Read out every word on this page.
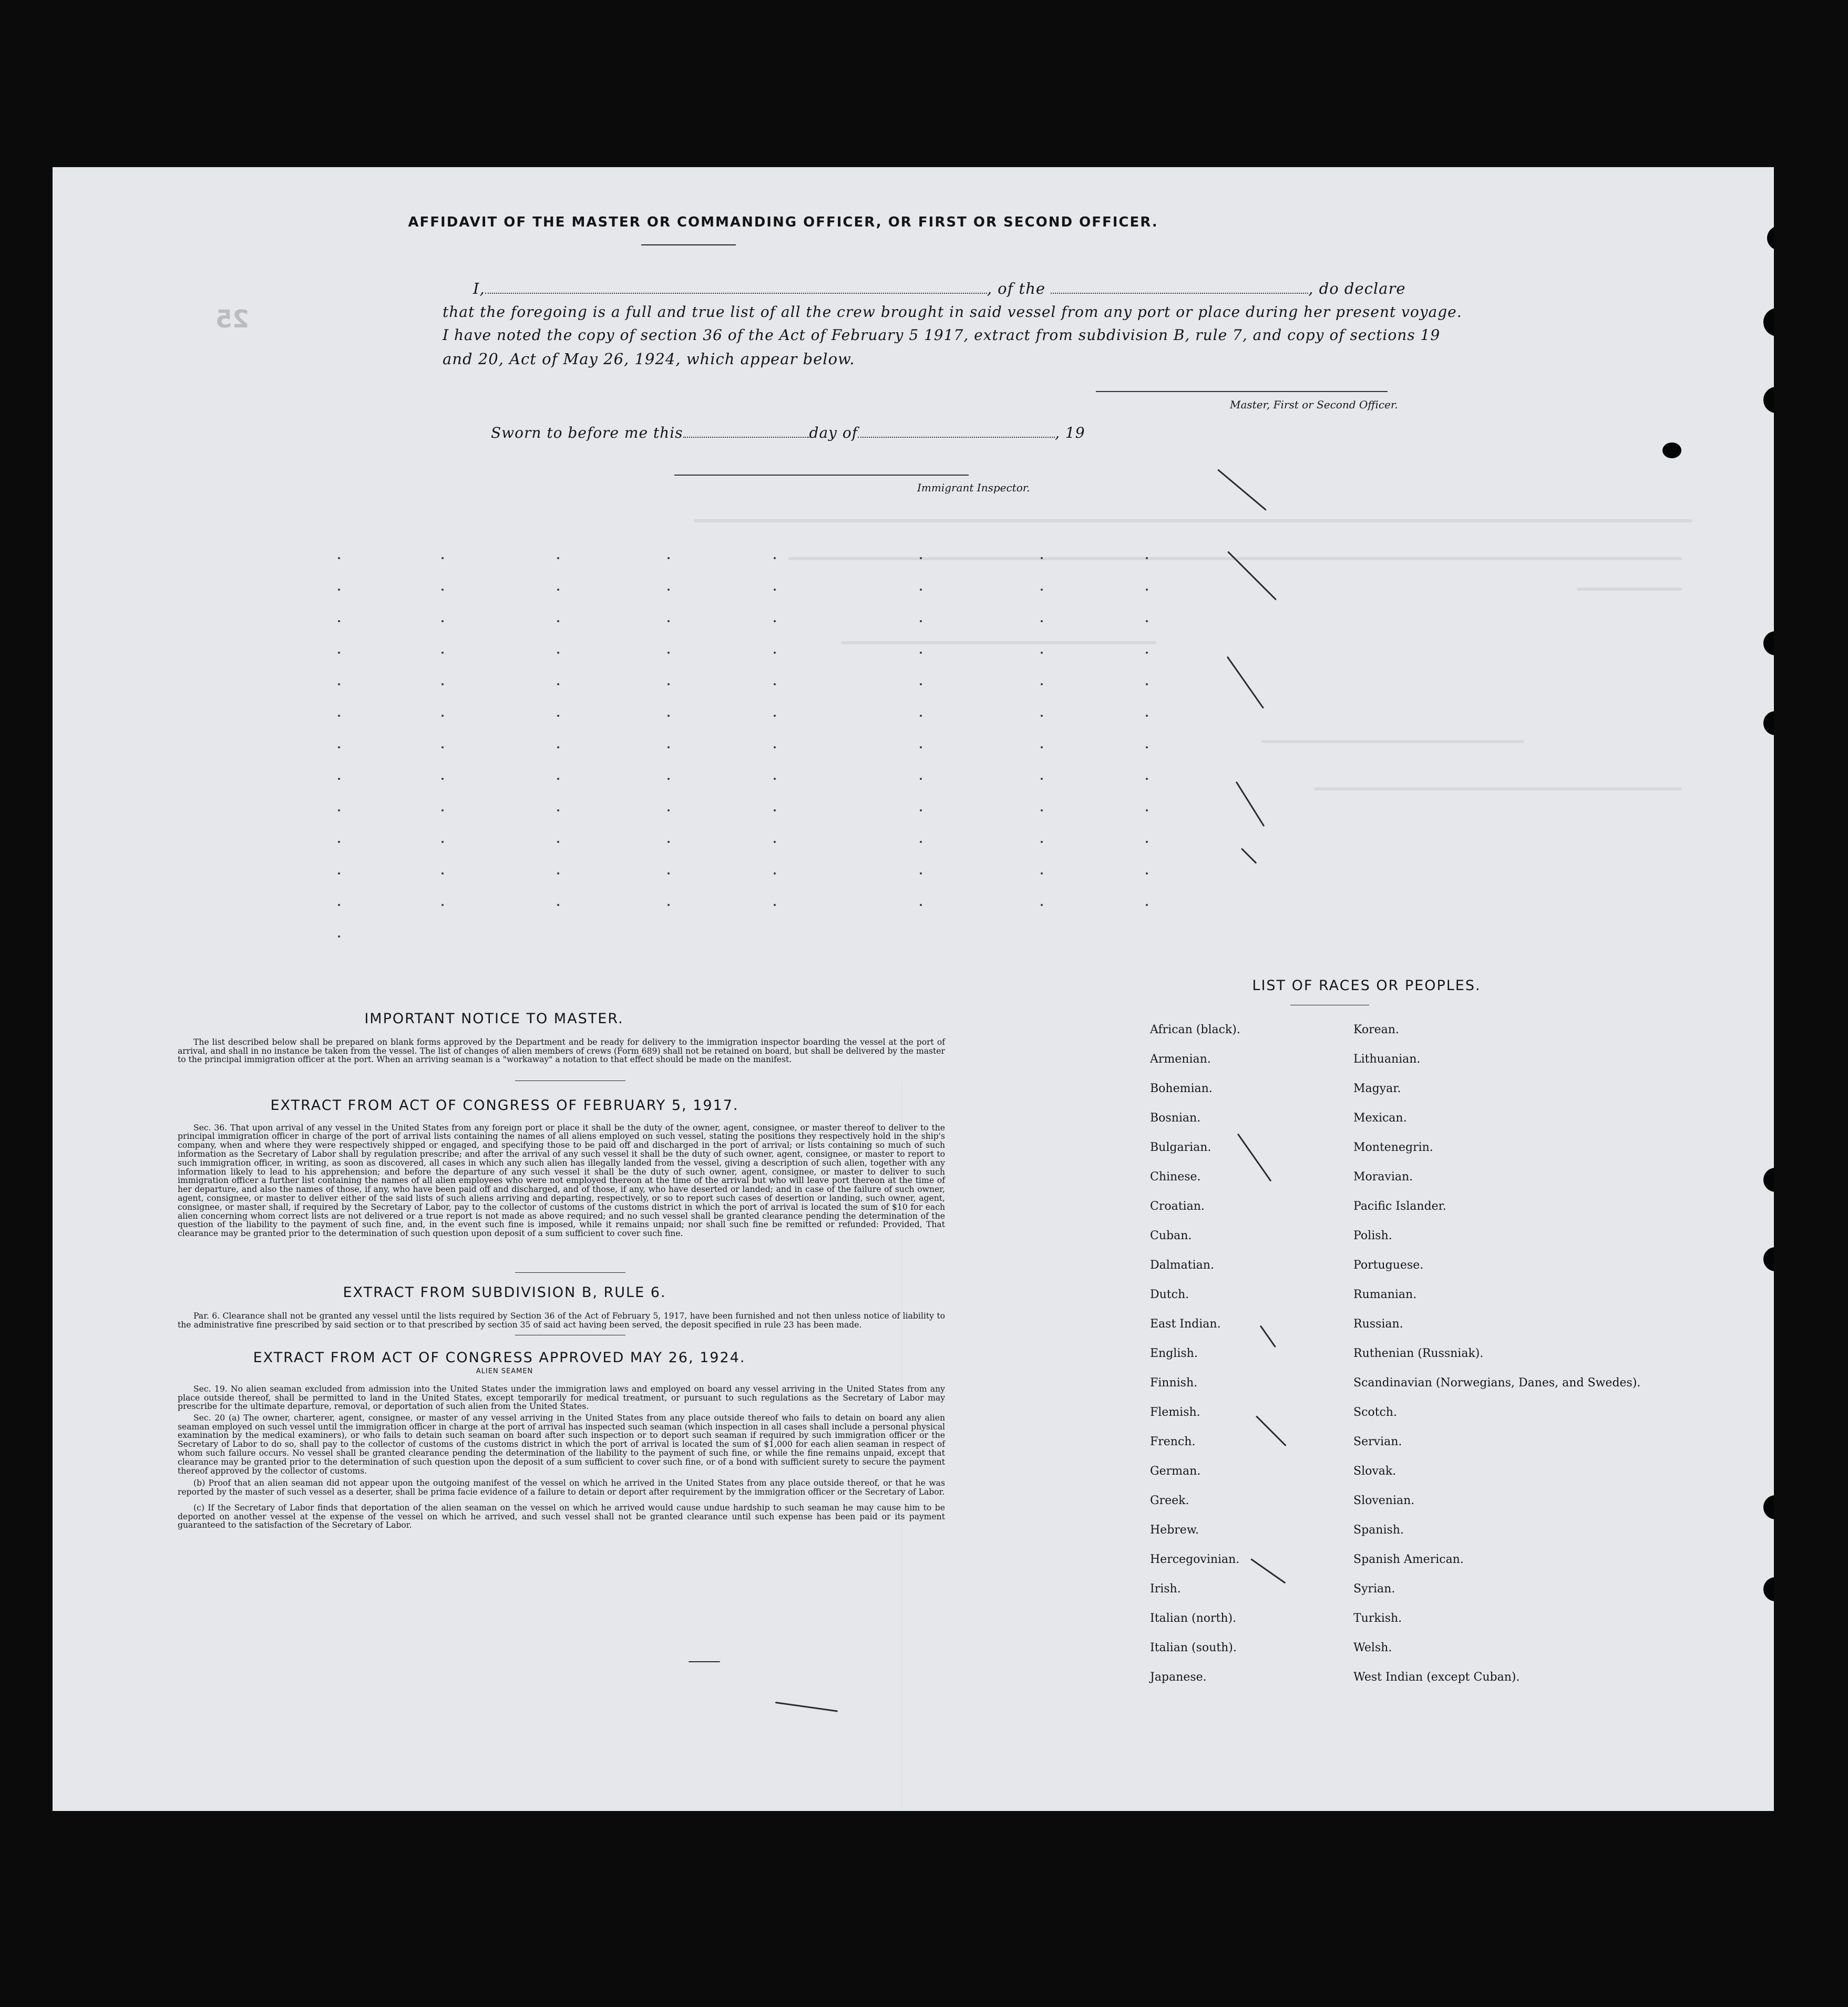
25
AFFIDAVIT OF THE MASTER OR COMMANDING OFFICER, OR FIRST OR SECOND OFFICER.
I,	, of the	, do declare
that the foregoing is a full and true list of all the crew brought in said vessel from any port or place during her present voyage.
I have noted the copy of section 36 of the Act of February 5 1917, extract from subdivision B, rule 7, and copy of sections 19
and 20, Act of May 26, 1924, which appear below.
Master, First or Second Officer.
Sworn to before me this	day of	, 19
Immigrant Inspector.
IMPORTANT NOTICE TO MASTER.

The list described below shall be prepared on blank forms approved by the Department and be ready for delivery to the immigration inspector boarding the vessel at the port of arrival, and shall in no instance be taken from the vessel. The list of changes of alien members of crews (Form 689) shall not be retained on board, but shall be delivered by the master to the principal immigration officer at the port. When an arriving seaman is a "workaway" a notation to that effect should be made on the manifest.

EXTRACT FROM ACT OF CONGRESS OF FEBRUARY 5, 1917.

Sec. 36. That upon arrival of any vessel in the United States from any foreign port or place it shall be the duty of the owner, agent, consignee, or master thereof to deliver to the principal immigration officer in charge of the port of arrival lists containing the names of all aliens employed on such vessel, stating the positions they respectively hold in the ship's company, when and where they were respectively shipped or engaged, and specifying those to be paid off and discharged in the port of arrival; or lists containing so much of such information as the Secretary of Labor shall by regulation prescribe; and after the arrival of any such vessel it shall be the duty of such owner, agent, consignee, or master to report to such immigration officer, in writing, as soon as discovered, all cases in which any such alien has illegally landed from the vessel, giving a description of such alien, together with any information likely to lead to his apprehension; and before the departure of any such vessel it shall be the duty of such owner, agent, consignee, or master to deliver to such immigration officer a further list containing the names of all alien employees who were not employed thereon at the time of the arrival but who will leave port thereon at the time of her departure, and also the names of those, if any, who have been paid off and discharged, and of those, if any, who have deserted or landed; and in case of the failure of such owner, agent, consignee, or master to deliver either of the said lists of such aliens arriving and departing, respectively, or so to report such cases of desertion or landing, such owner, agent, consignee, or master shall, if required by the Secretary of Labor, pay to the collector of customs of the customs district in which the port of arrival is located the sum of $10 for each alien concerning whom correct lists are not delivered or a true report is not made as above required; and no such vessel shall be granted clearance pending the determination of the question of the liability to the payment of such fine, and, in the event such fine is imposed, while it remains unpaid; nor shall such fine be remitted or refunded: Provided, That clearance may be granted prior to the determination of such question upon deposit of a sum sufficient to cover such fine.

EXTRACT FROM SUBDIVISION B, RULE 6.

Par. 6. Clearance shall not be granted any vessel until the lists required by Section 36 of the Act of February 5, 1917, have been furnished and not then unless notice of liability to the administrative fine prescribed by said section or to that prescribed by section 35 of said act having been served, the deposit specified in rule 23 has been made.

EXTRACT FROM ACT OF CONGRESS APPROVED MAY 26, 1924.
ALIEN SEAMEN

Sec. 19. No alien seaman excluded from admission into the United States under the immigration laws and employed on board any vessel arriving in the United States from any place outside thereof, shall be permitted to land in the United States, except temporarily for medical treatment, or pursuant to such regulations as the Secretary of Labor may prescribe for the ultimate departure, removal, or deportation of such alien from the United States.

Sec. 20 (a) The owner, charterer, agent, consignee, or master of any vessel arriving in the United States from any place outside thereof who fails to detain on board any alien seaman employed on such vessel until the immigration officer in charge at the port of arrival has inspected such seaman (which inspection in all cases shall include a personal physical examination by the medical examiners), or who fails to detain such seaman on board after such inspection or to deport such seaman if required by such immigration officer or the Secretary of Labor to do so, shall pay to the collector of customs of the customs district in which the port of arrival is located the sum of $1,000 for each alien seaman in respect of whom such failure occurs. No vessel shall be granted clearance pending the determination of the liability to the payment of such fine, or while the fine remains unpaid, except that clearance may be granted prior to the determination of such question upon the deposit of a sum sufficient to cover such fine, or of a bond with sufficient surety to secure the payment thereof approved by the collector of customs.

(b) Proof that an alien seaman did not appear upon the outgoing manifest of the vessel on which he arrived in the United States from any place outside thereof, or that he was reported by the master of such vessel as a deserter, shall be prima facie evidence of a failure to detain or deport after requirement by the immigration officer or the Secretary of Labor.

(c) If the Secretary of Labor finds that deportation of the alien seaman on the vessel on which he arrived would cause undue hardship to such seaman he may cause him to be deported on another vessel at the expense of the vessel on which he arrived, and such vessel shall not be granted clearance until such expense has been paid or its payment guaranteed to the satisfaction of the Secretary of Labor.

LIST OF RACES OR PEOPLES.
African (black).
Armenian.
Bohemian.
Bosnian.
Bulgarian.
Chinese.
Croatian.
Cuban.
Dalmatian.
Dutch.
East Indian.
English.
Finnish.
Flemish.
French.
German.
Greek.
Hebrew.
Hercegovinian.
Irish.
Italian (north).
Italian (south).
Japanese.
Korean.
Lithuanian.
Magyar.
Mexican.
Montenegrin.
Moravian.
Pacific Islander.
Polish.
Portuguese.
Rumanian.
Russian.
Ruthenian (Russniak).
Scandinavian (Norwegians, Danes, and Swedes).
Scotch.
Servian.
Slovak.
Slovenian.
Spanish.
Spanish American.
Syrian.
Turkish.
Welsh.
West Indian (except Cuban).
